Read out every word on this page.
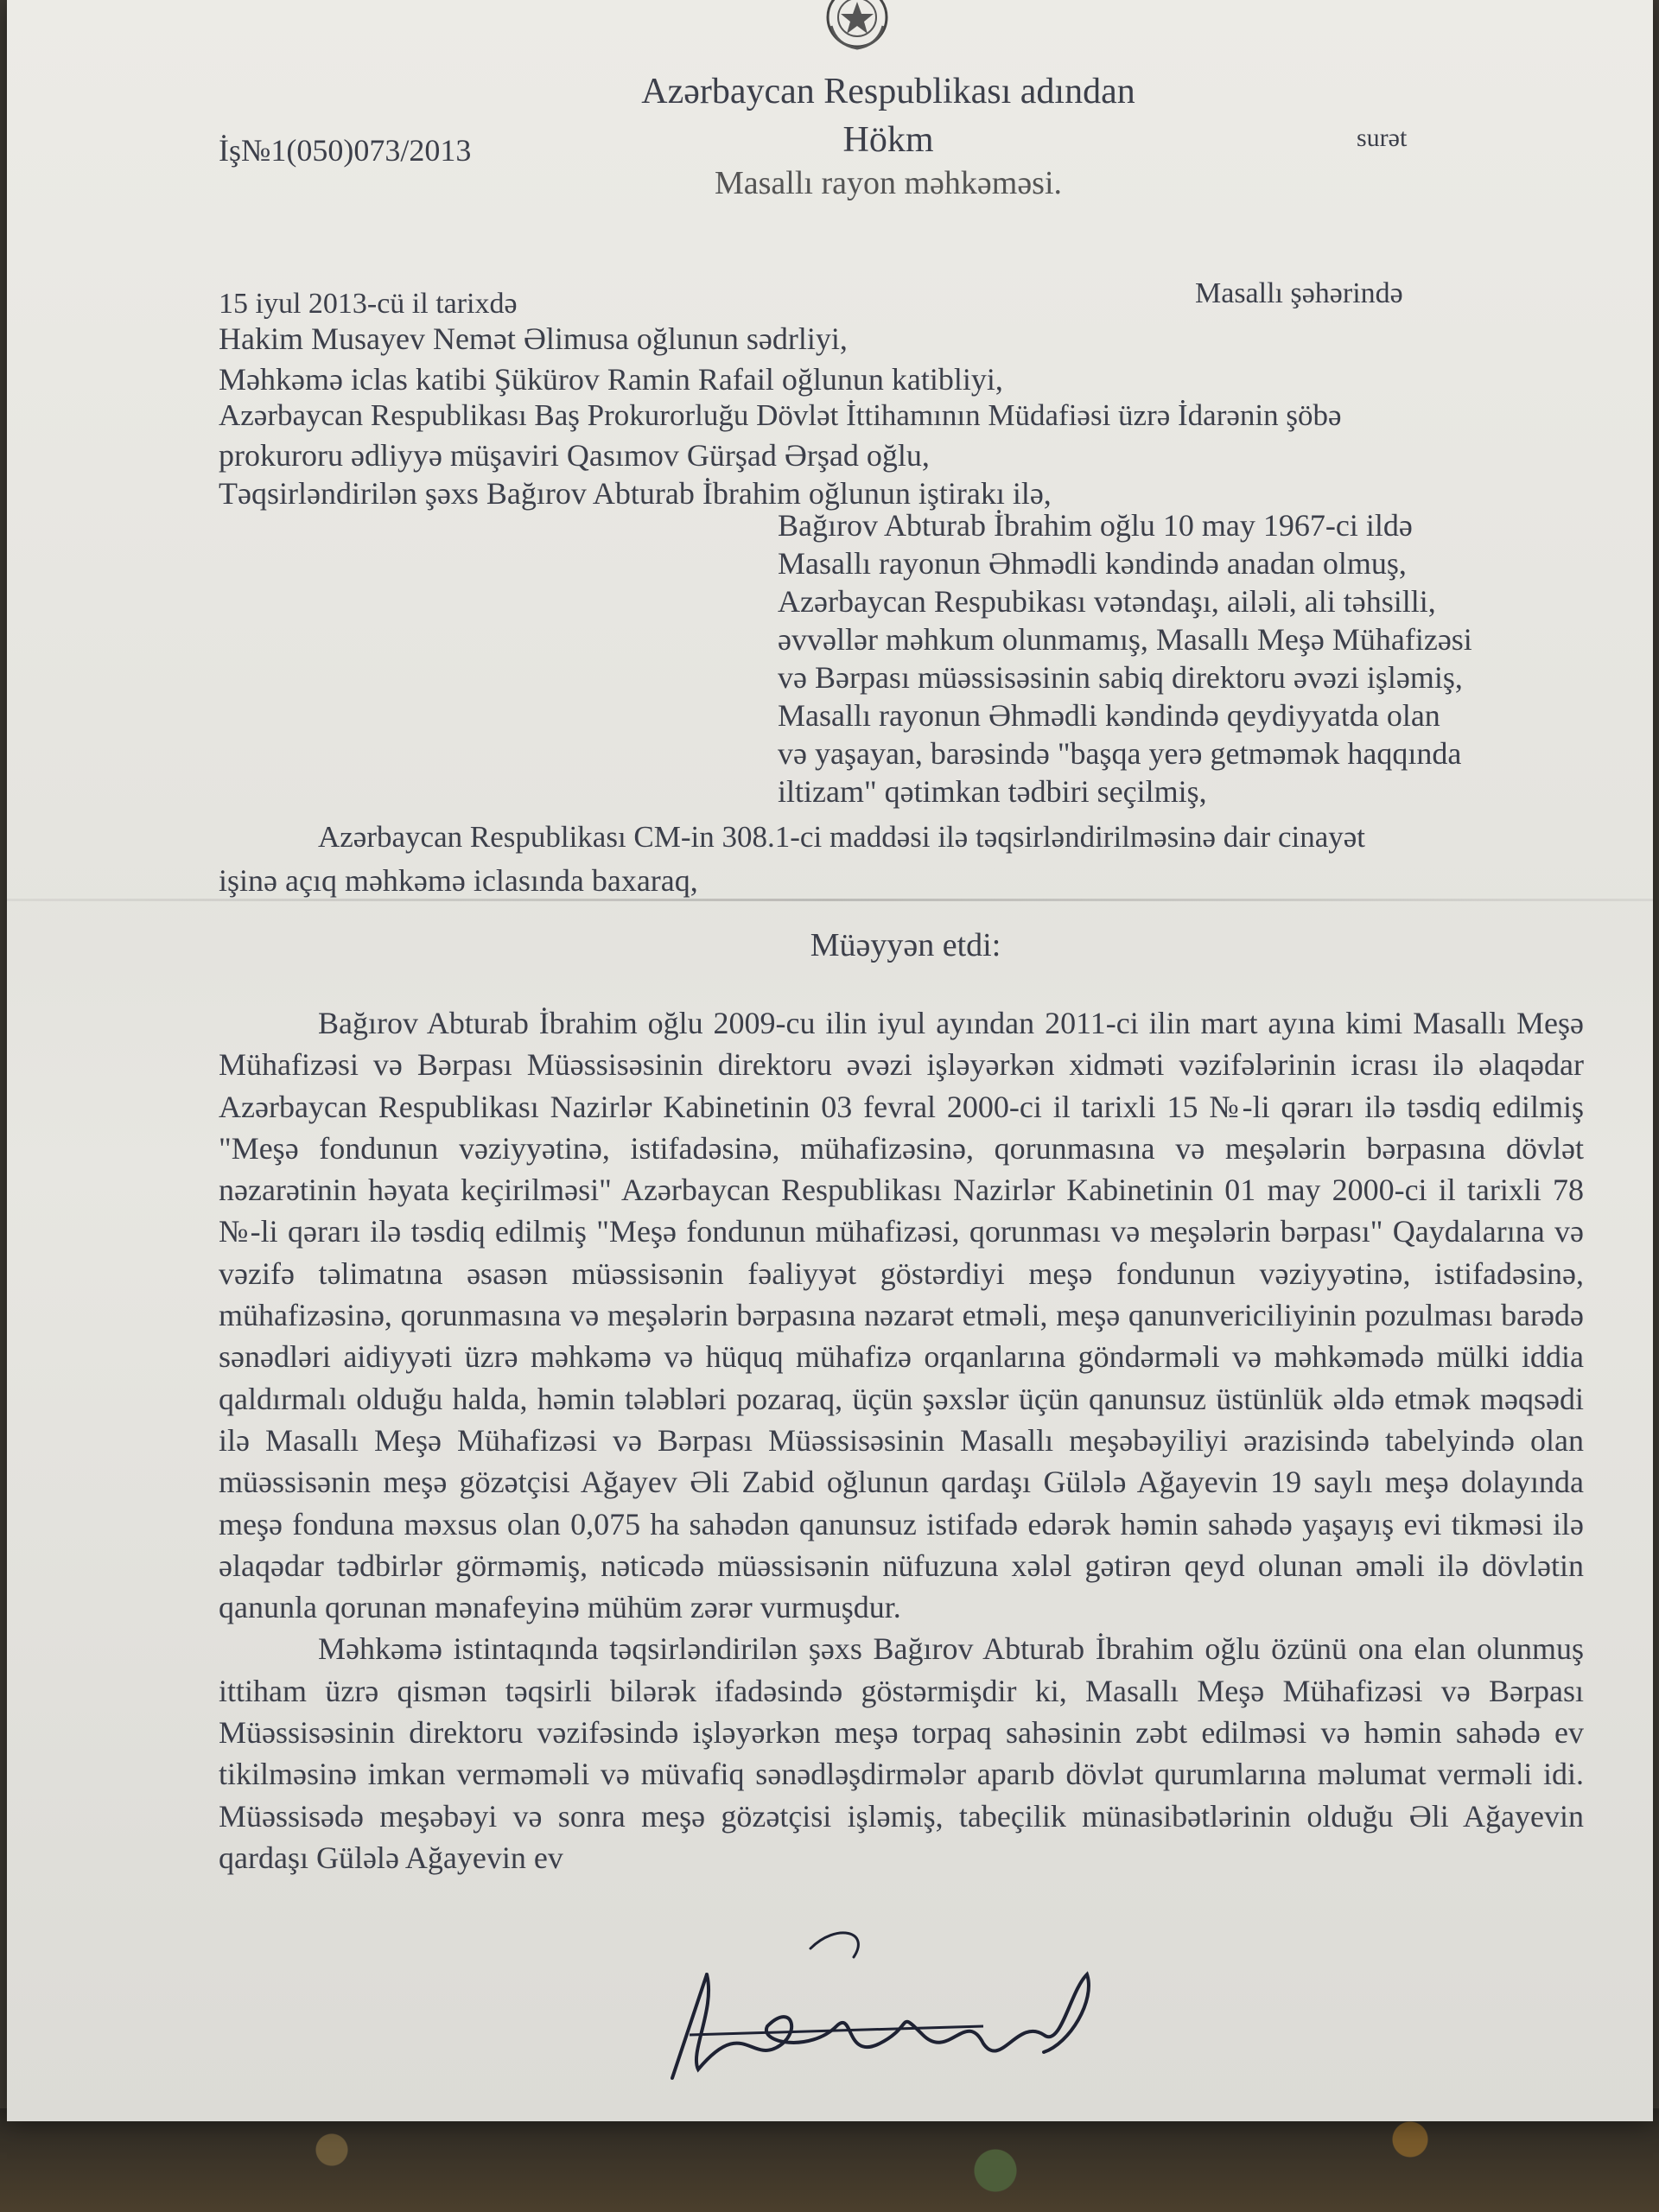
Azərbaycan Respublikası adından
Hökm
Masallı rayon məhkəməsi.
İş№1(050)073/2013	surət
15 iyul 2013-cü il tarixdə	Masallı şəhərində
Hakim Musayev Nemət Əlimusa oğlunun sədrliyi,
Məhkəmə iclas katibi Şükürov Ramin Rafail oğlunun katibliyi,
Azərbaycan Respublikası Baş Prokurorluğu Dövlət İttihamının Müdafiəsi üzrə İdarənin şöbə
prokuroru ədliyyə müşaviri Qasımov Gürşad Ərşad oğlu,
Təqsirləndirilən şəxs Bağırov Abturab İbrahim oğlunun iştirakı ilə,
Bağırov Abturab İbrahim oğlu 10 may 1967-ci ildə
Masallı rayonun Əhmədli kəndində anadan olmuş,
Azərbaycan Respubikası vətəndaşı, ailəli, ali təhsilli,
əvvəllər məhkum olunmamış, Masallı Meşə Mühafizəsi
və Bərpası müəssisəsinin sabiq direktoru əvəzi işləmiş,
Masallı rayonun Əhmədli kəndində qeydiyyatda olan
və yaşayan, barəsində "başqa yerə getməmək haqqında
iltizam" qətimkan tədbiri seçilmiş,
Azərbaycan Respublikası CM-in 308.1-ci maddəsi ilə təqsirləndirilməsinə dair cinayət
işinə açıq məhkəmə iclasında baxaraq,
Müəyyən etdi:

Bağırov Abturab İbrahim oğlu 2009-cu ilin iyul ayından 2011-ci ilin mart ayına kimi Masallı Meşə Mühafizəsi və Bərpası Müəssisəsinin direktoru əvəzi işləyərkən xidməti vəzifələrinin icrası ilə əlaqədar Azərbaycan Respublikası Nazirlər Kabinetinin 03 fevral 2000-ci il tarixli 15 №-li qərarı ilə təsdiq edilmiş "Meşə fondunun vəziyyətinə, istifadəsinə, mühafizəsinə, qorunmasına və meşələrin bərpasına dövlət nəzarətinin həyata keçirilməsi" Azərbaycan Respublikası Nazirlər Kabinetinin 01 may 2000-ci il tarixli 78 №-li qərarı ilə təsdiq edilmiş "Meşə fondunun mühafizəsi, qorunması və meşələrin bərpası" Qaydalarına və vəzifə təlimatına əsasən müəssisənin fəaliyyət göstərdiyi meşə fondunun vəziyyətinə, istifadəsinə, mühafizəsinə, qorunmasına və meşələrin bərpasına nəzarət etməli, meşə qanunvericiliyinin pozulması barədə sənədləri aidiyyəti üzrə məhkəmə və hüquq mühafizə orqanlarına göndərməli və məhkəmədə mülki iddia qaldırmalı olduğu halda, həmin tələbləri pozaraq, üçün şəxslər üçün qanunsuz üstünlük əldə etmək məqsədi ilə Masallı Meşə Mühafizəsi və Bərpası Müəssisəsinin Masallı meşəbəyiliyi ərazisində tabelyində olan müəssisənin meşə gözətçisi Ağayev Əli Zabid oğlunun qardaşı Gülələ Ağayevin 19 saylı meşə dolayında meşə fonduna məxsus olan 0,075 ha sahədən qanunsuz istifadə edərək həmin sahədə yaşayış evi tikməsi ilə əlaqədar tədbirlər görməmiş, nəticədə müəssisənin nüfuzuna xələl gətirən qeyd olunan əməli ilə dövlətin qanunla qorunan mənafeyinə mühüm zərər vurmuşdur.

Məhkəmə istintaqında təqsirləndirilən şəxs Bağırov Abturab İbrahim oğlu özünü ona elan olunmuş ittiham üzrə qismən təqsirli bilərək ifadəsində göstərmişdir ki, Masallı Meşə Mühafizəsi və Bərpası Müəssisəsinin direktoru vəzifəsində işləyərkən meşə torpaq sahəsinin zəbt edilməsi və həmin sahədə ev tikilməsinə imkan verməməli və müvafiq sənədləşdirmələr aparıb dövlət qurumlarına məlumat verməli idi. Müəssisədə meşəbəyi və sonra meşə gözətçisi işləmiş, tabeçilik münasibətlərinin olduğu Əli Ağayevin qardaşı Gülələ Ağayevin ev
